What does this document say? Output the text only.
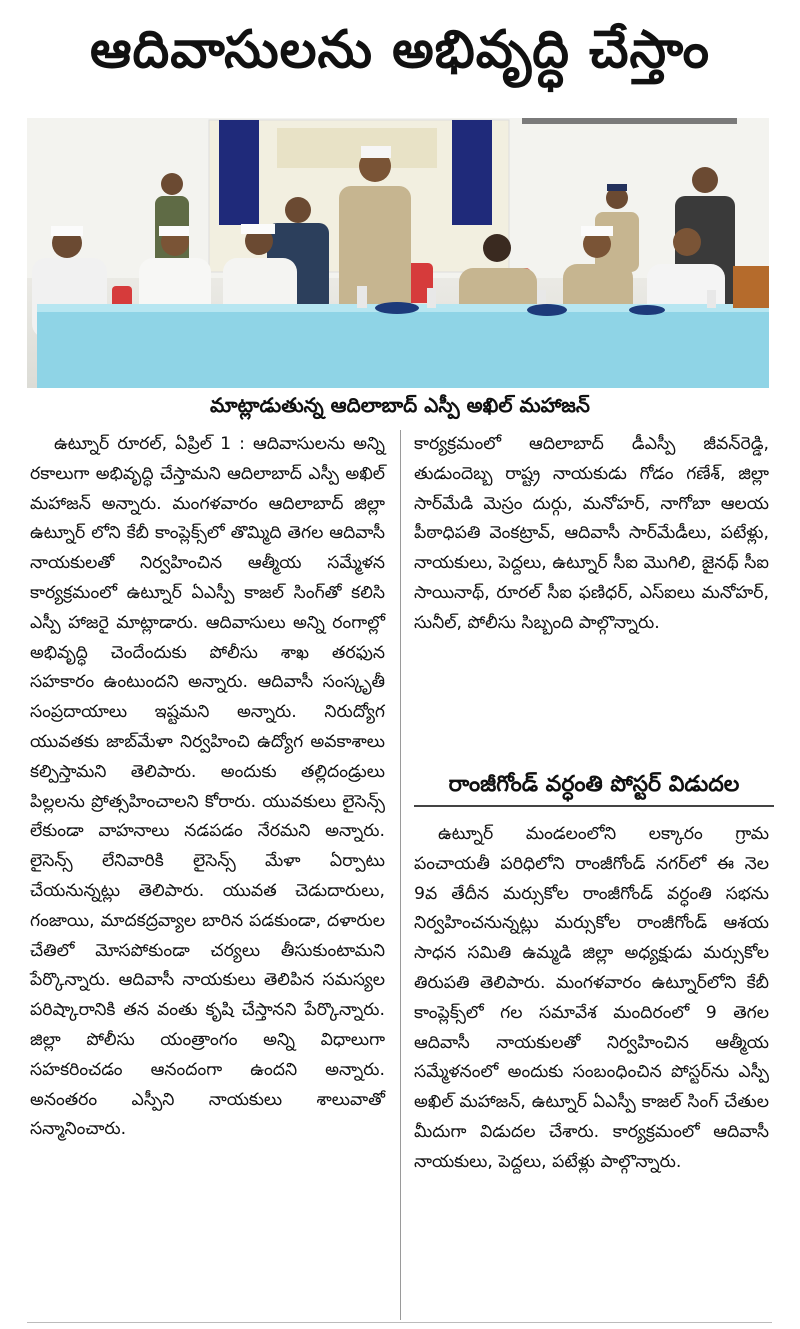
ఆదివాసులను అభివృద్ధి చేస్తాం
మాట్లాడుతున్న ఆదిలాబాద్ ఎస్పీ అఖిల్ మహాజన్

ఉట్నూర్ రూరల్, ఏప్రిల్ 1 : ఆదివాసులను అన్ని రకాలుగా అభివృద్ధి చేస్తామని ఆదిలాబాద్ ఎస్పీ అఖిల్ మహాజన్ అన్నారు. మంగళవారం ఆదిలాబాద్ జిల్లా ఉట్నూర్ లోని కేబీ కాంప్లెక్స్‌లో తొమ్మిది తెగల ఆదివాసీ నాయకులతో నిర్వహించిన ఆత్మీయ సమ్మేళన కార్యక్రమంలో ఉట్నూర్ ఏఎస్పీ కాజల్ సింగ్‌తో కలిసి ఎస్పీ హాజరై మాట్లాడారు. ఆదివాసులు అన్ని రంగాల్లో అభివృద్ధి చెందేందుకు పోలీసు శాఖ తరఫున సహకారం ఉంటుందని అన్నారు. ఆదివాసీ సంస్కృతీ సంప్రదాయాలు ఇష్టమని అన్నారు. నిరుద్యోగ యువతకు జాబ్‌మేళా నిర్వహించి ఉద్యోగ అవకాశాలు కల్పిస్తామని తెలిపారు. అందుకు తల్లిదండ్రులు పిల్లలను ప్రోత్సహించాలని కోరారు. యువకులు లైసెన్స్ లేకుండా వాహనాలు నడపడం నేరమని అన్నారు. లైసెన్స్ లేనివారికి లైసెన్స్ మేళా ఏర్పాటు చేయనున్నట్లు తెలిపారు. యువత చెడుదారులు, గంజాయి, మాదకద్రవ్యాల బారిన పడకుండా, దళారుల చేతిలో మోసపోకుండా చర్యలు తీసుకుంటామని పేర్కొన్నారు. ఆదివాసీ నాయకులు తెలిపిన సమస్యల పరిష్కారానికి తన వంతు కృషి చేస్తానని పేర్కొన్నారు. జిల్లా పోలీసు యంత్రాంగం అన్ని విధాలుగా సహకరించడం ఆనందంగా ఉందని అన్నారు. అనంతరం ఎస్పీని నాయకులు శాలువాతో సన్మానించారు.

కార్యక్రమంలో ఆదిలాబాద్ డీఎస్పీ జీవన్‌రెడ్డి, తుడుందెబ్బ రాష్ట్ర నాయకుడు గోడం గణేశ్, జిల్లా సార్‌మేడి మెస్రం దుర్గు, మనోహర్, నాగోబా ఆలయ పీఠాధిపతి వెంకట్రావ్, ఆదివాసీ సార్‌మేడీలు, పటేళ్లు, నాయకులు, పెద్దలు, ఉట్నూర్ సీఐ మొగిలి, జైనథ్ సీఐ సాయినాథ్, రూరల్ సీఐ ఫణిధర్, ఎస్ఐలు మనోహర్, సునీల్, పోలీసు సిబ్బంది పాల్గొన్నారు.

రాంజీగోండ్ వర్ధంతి పోస్టర్ విడుదల

ఉట్నూర్ మండలంలోని లక్కారం గ్రామ పంచాయతీ పరిధిలోని రాంజీగోండ్ నగర్‌లో ఈ నెల 9వ తేదీన మర్సుకోల రాంజీగోండ్ వర్ధంతి సభను నిర్వహించనున్నట్లు మర్సుకోల రాంజీగోండ్ ఆశయ సాధన సమితి ఉమ్మడి జిల్లా అధ్యక్షుడు మర్సుకోల తిరుపతి తెలిపారు. మంగళవారం ఉట్నూర్‌లోని కేబీ కాంప్లెక్స్‌లో గల సమావేశ మందిరంలో 9 తెగల ఆదివాసీ నాయకులతో నిర్వహించిన ఆత్మీయ సమ్మేళనంలో అందుకు సంబంధించిన పోస్టర్‌ను ఎస్పీ అఖిల్ మహాజన్, ఉట్నూర్ ఏఎస్పీ కాజల్ సింగ్ చేతుల మీదుగా విడుదల చేశారు. కార్యక్రమంలో ఆదివాసీ నాయకులు, పెద్దలు, పటేళ్లు పాల్గొన్నారు.
